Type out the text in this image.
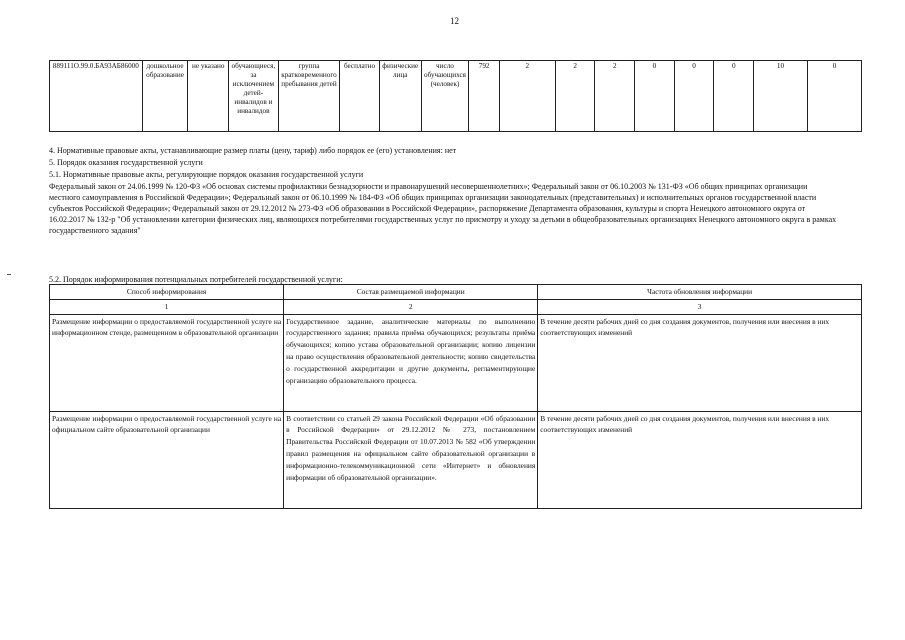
12
889111О.99.0.БА93АБ86000	дошкольное образование	не указано	обучающиеся, за исключением детей-инвалидов и инвалидов	группа кратковременного пребывания детей	бесплатно	физические лица	число обучающихся (человек)	792	2	2	2	0	0	0	10	0
4. Нормативные правовые акты, устанавливающие размер платы (цену, тариф) либо порядок ее (его) установления: нет
5. Порядок оказания государственной услуги
5.1. Нормативные правовые акты, регулирующие порядок оказания государственной услуги
Федеральный закон от 24.06.1999 № 120-ФЗ «Об основах системы профилактики безнадзорности и правонарушений несовершеннолетних»; Федеральный закон от 06.10.2003 № 131-ФЗ «Об общих принципах организации местного самоуправления в Российской Федерации»; Федеральный закон от 06.10.1999 № 184-ФЗ «Об общих принципах организации законодательных (представительных) и исполнительных органов государственной власти субъектов Российской Федерации»; Федеральный закон от 29.12.2012 № 273-ФЗ «Об образовании в Российской Федерации», распоряжение Департамента образования, культуры и спорта Ненецкого автономного округа от 16.02.2017 № 132-р "Об установлении категории физических лиц, являющихся потребителями государственных услуг по присмотру и уходу за детьми в общеобразовательных организациях Ненецкого автономного округа в рамках государственного задания"
5.2. Порядок информирования потенциальных потребителей государственной услуги:
Способ информирования	Состав размещаемой информации	Частота обновления информации
1	2	3
Размещение информации о предоставляемой государственной услуге на информационном стенде, размещенном в образовательной организации	Государственное задание, аналитические материалы по выполнению государственного задания; правила приёма обучающихся; результаты приёма обучающихся; копию устава образовательной организации; копию лицензии на право осуществления образовательной деятельности; копию свидетельства о государственной аккредитации и другие документы, регламентирующие организацию образовательного процесса.	В течение десяти рабочих дней со дня создания документов, получения или внесения в них соответствующих изменений
Размещение информации о предоставляемой государственной услуге на официальном сайте образовательной организации	В соответствии со статьей 29 закона Российской Федерации «Об образовании в Российской Федерации» от 29.12.2012 № 273, постановлением Правительства Российской Федерации от 10.07.2013 № 582 «Об утверждении правил размещения на официальном сайте образовательной организации в информационно-телекоммуникационной сети «Интернет» и обновления информации об образовательной организации».	В течение десяти рабочих дней со дня создания документов, получения или внесения в них соответствующих изменений
